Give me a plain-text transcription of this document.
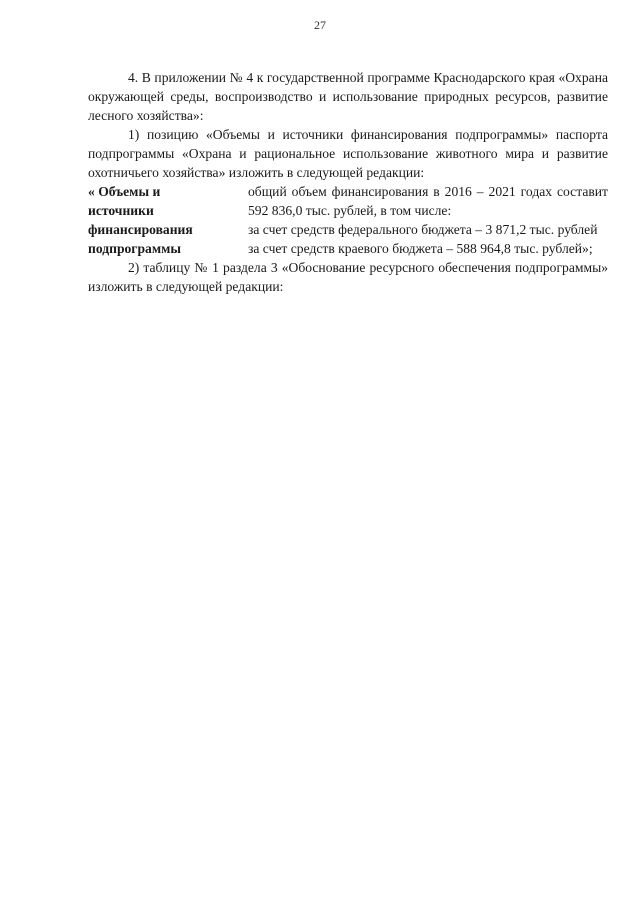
27

4. В приложении № 4 к государственной программе Краснодарского края «Охрана окружающей среды, воспроизводство и использование природных ресурсов, развитие лесного хозяйства»:

1) позицию «Объемы и источники финансирования подпрограммы» паспорта подпрограммы «Охрана и рациональное использование животного мира и развитие охотничьего хозяйства» изложить в следующей редакции:

« Объемы и
источники
финансирования
подпрограммы

общий объем финансирования в 2016 – 2021 годах составит 592 836,0 тыс. рублей, в том числе:

за счет средств федерального бюджета – 3 871,2 тыс. рублей

за счет средств краевого бюджета – 588 964,8 тыс. рублей»;

2) таблицу № 1 раздела 3 «Обоснование ресурсного обеспечения подпрограммы» изложить в следующей редакции:
